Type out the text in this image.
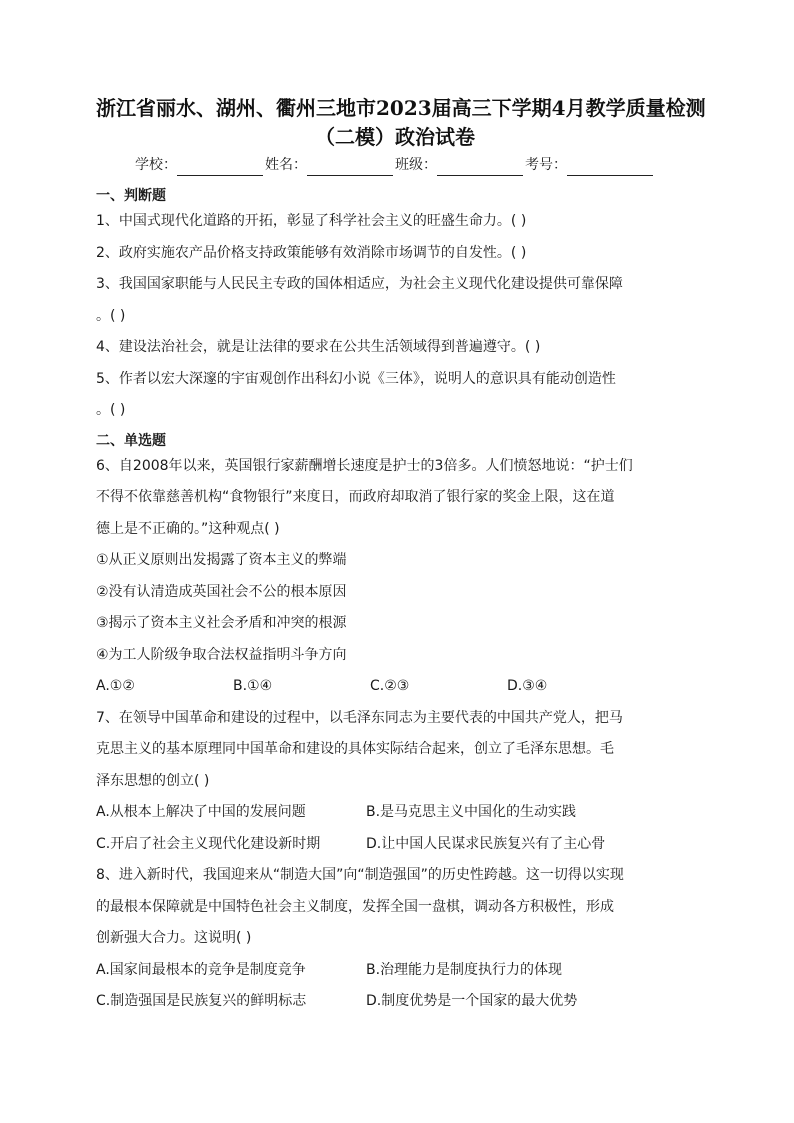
浙江省丽水、湖州、衢州三地市2023届高三下学期4月教学质量检测
（二模）政治试卷
学校：	姓名：	班级：	考号：
一、判断题

1、中国式现代化道路的开拓，彰显了科学社会主义的旺盛生命力。( )

2、政府实施农产品价格支持政策能够有效消除市场调节的自发性。( )

3、我国国家职能与人民民主专政的国体相适应，为社会主义现代化建设提供可靠保障

。( )

4、建设法治社会，就是让法律的要求在公共生活领域得到普遍遵守。( )

5、作者以宏大深邃的宇宙观创作出科幻小说《三体》，说明人的意识具有能动创造性

。( )

二、单选题

6、自2008年以来，英国银行家薪酬增长速度是护士的3倍多。人们愤怒地说：“护士们

不得不依靠慈善机构“食物银行”来度日，而政府却取消了银行家的奖金上限，这在道

德上是不正确的。”这种观点( )

①从正义原则出发揭露了资本主义的弊端

②没有认清造成英国社会不公的根本原因

③揭示了资本主义社会矛盾和冲突的根源

④为工人阶级争取合法权益指明斗争方向

A.①②	B.①④	C.②③	D.③④

7、在领导中国革命和建设的过程中，以毛泽东同志为主要代表的中国共产党人，把马

克思主义的基本原理同中国革命和建设的具体实际结合起来，创立了毛泽东思想。毛

泽东思想的创立( )

A.从根本上解决了中国的发展问题	B.是马克思主义中国化的生动实践
C.开启了社会主义现代化建设新时期	D.让中国人民谋求民族复兴有了主心骨

8、进入新时代，我国迎来从“制造大国”向“制造强国”的历史性跨越。这一切得以实现

的最根本保障就是中国特色社会主义制度，发挥全国一盘棋，调动各方积极性，形成

创新强大合力。这说明( )

A.国家间最根本的竞争是制度竞争	B.治理能力是制度执行力的体现
C.制造强国是民族复兴的鲜明标志	D.制度优势是一个国家的最大优势
